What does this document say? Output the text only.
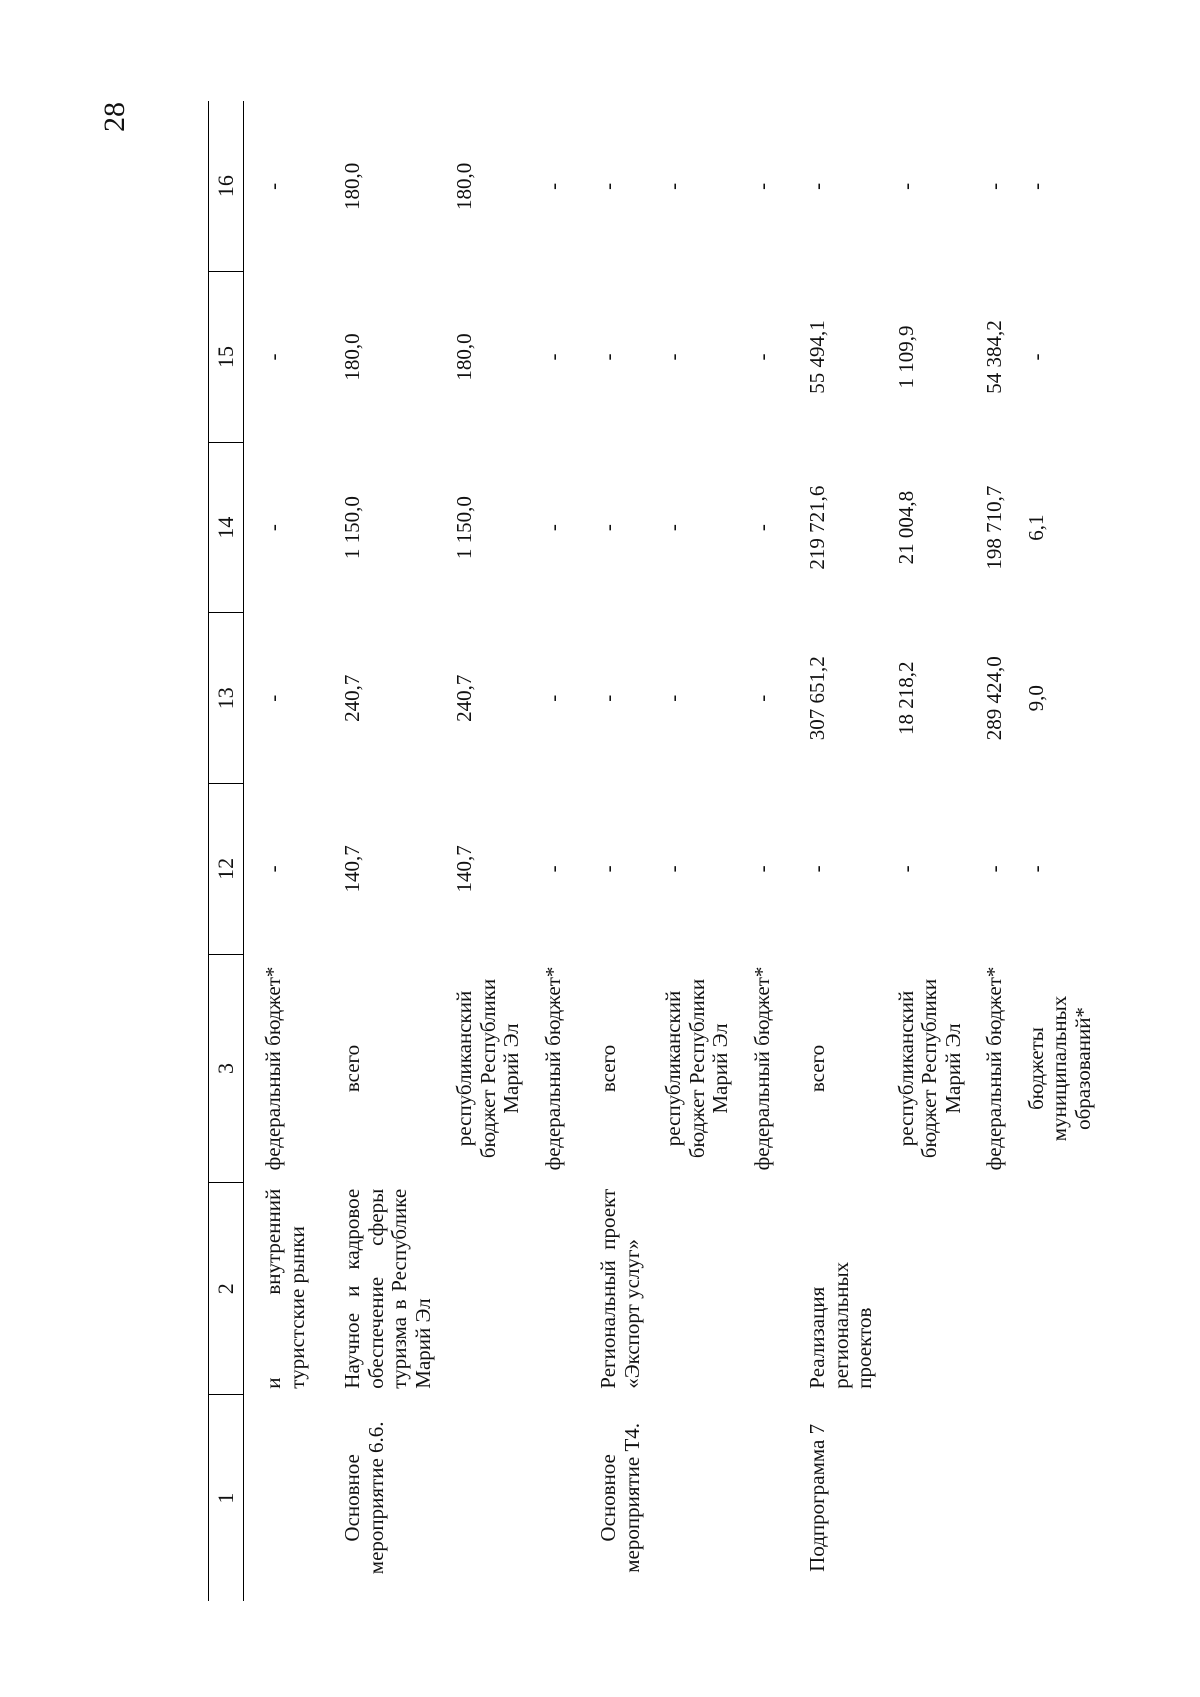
28
1	2	3	12	13	14	15	16
	и внутренний туристские рынки	федеральный бюджет*	-	-	-	-	-
Основное мероприятие 6.6.	Научное и кадровое обеспечение сферы туризма в Республике Марий Эл	всего	140,7	240,7	1 150,0	180,0	180,0
		республиканский бюджет Республики Марий Эл	140,7	240,7	1 150,0	180,0	180,0
		федеральный бюджет*	-	-	-	-	-
Основное мероприятие Т4.	Региональный проект «Экспорт услуг»	всего	-	-	-	-	-
		республиканский бюджет Республики Марий Эл	-	-	-	-	-
		федеральный бюджет*	-	-	-	-	-
Подпрограмма 7	Реализация региональных проектов	всего	-	307 651,2	219 721,6	55 494,1	-
		республиканский бюджет Республики Марий Эл	-	18 218,2	21 004,8	1 109,9	-
		федеральный бюджет*	-	289 424,0	198 710,7	54 384,2	-
		бюджеты муниципальных образований*	-	9,0	6,1	-	-
